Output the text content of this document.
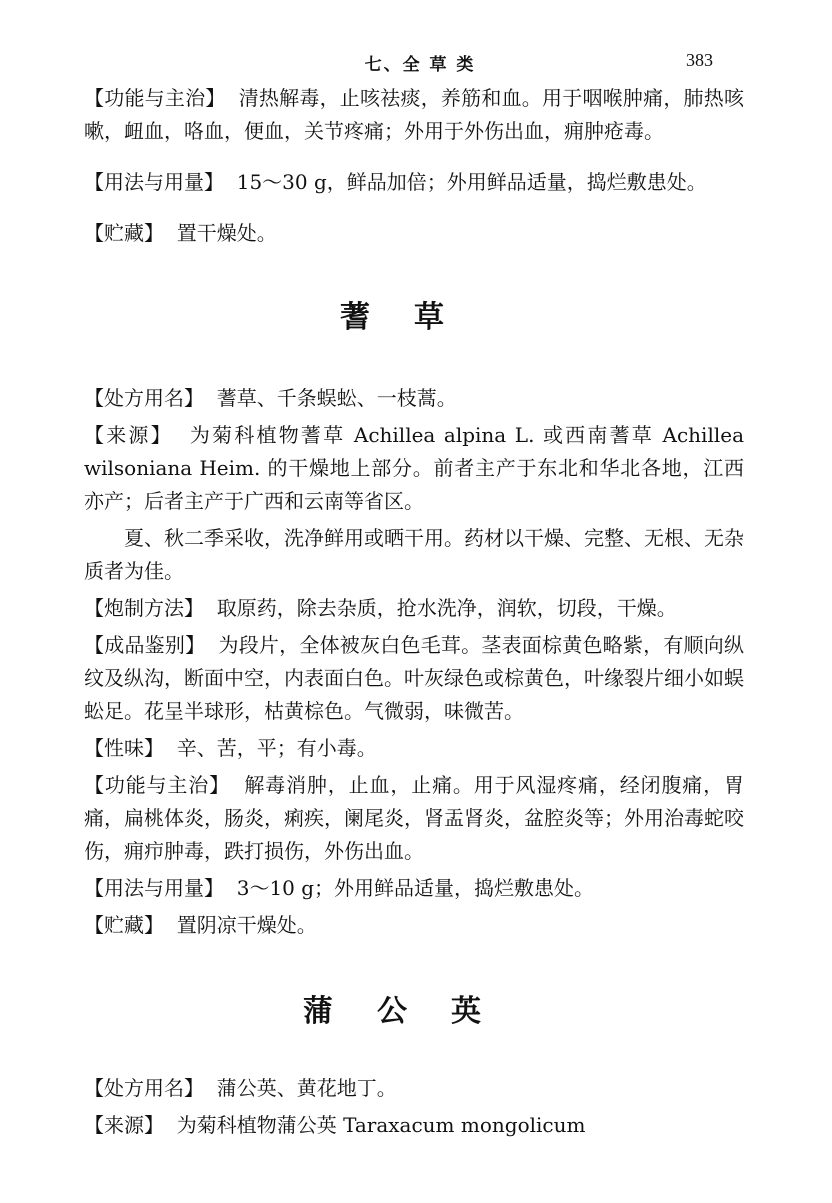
七、全 草 类	383

【功能与主治】 清热解毒，止咳祛痰，养筋和血。用于咽喉肿痛，肺热咳嗽，衄血，咯血，便血，关节疼痛；外用于外伤出血，痈肿疮毒。

【用法与用量】 15～30 g，鲜品加倍；外用鲜品适量，捣烂敷患处。

【贮藏】 置干燥处。

蓍草

【处方用名】 蓍草、千条蜈蚣、一枝蒿。

【来源】 为菊科植物蓍草 Achillea alpina L. 或西南蓍草 Achillea wilsoniana Heim. 的干燥地上部分。前者主产于东北和华北各地，江西亦产；后者主产于广西和云南等省区。

夏、秋二季采收，洗净鲜用或晒干用。药材以干燥、完整、无根、无杂质者为佳。

【炮制方法】 取原药，除去杂质，抢水洗净，润软，切段，干燥。

【成品鉴别】 为段片，全体被灰白色毛茸。茎表面棕黄色略紫，有顺向纵纹及纵沟，断面中空，内表面白色。叶灰绿色或棕黄色，叶缘裂片细小如蜈蚣足。花呈半球形，枯黄棕色。气微弱，味微苦。

【性味】 辛、苦，平；有小毒。

【功能与主治】 解毒消肿，止血，止痛。用于风湿疼痛，经闭腹痛，胃痛，扁桃体炎，肠炎，痢疾，阑尾炎，肾盂肾炎，盆腔炎等；外用治毒蛇咬伤，痈疖肿毒，跌打损伤，外伤出血。

【用法与用量】 3～10 g；外用鲜品适量，捣烂敷患处。

【贮藏】 置阴凉干燥处。

蒲公英

【处方用名】 蒲公英、黄花地丁。

【来源】 为菊科植物蒲公英 Taraxacum mongolicum
